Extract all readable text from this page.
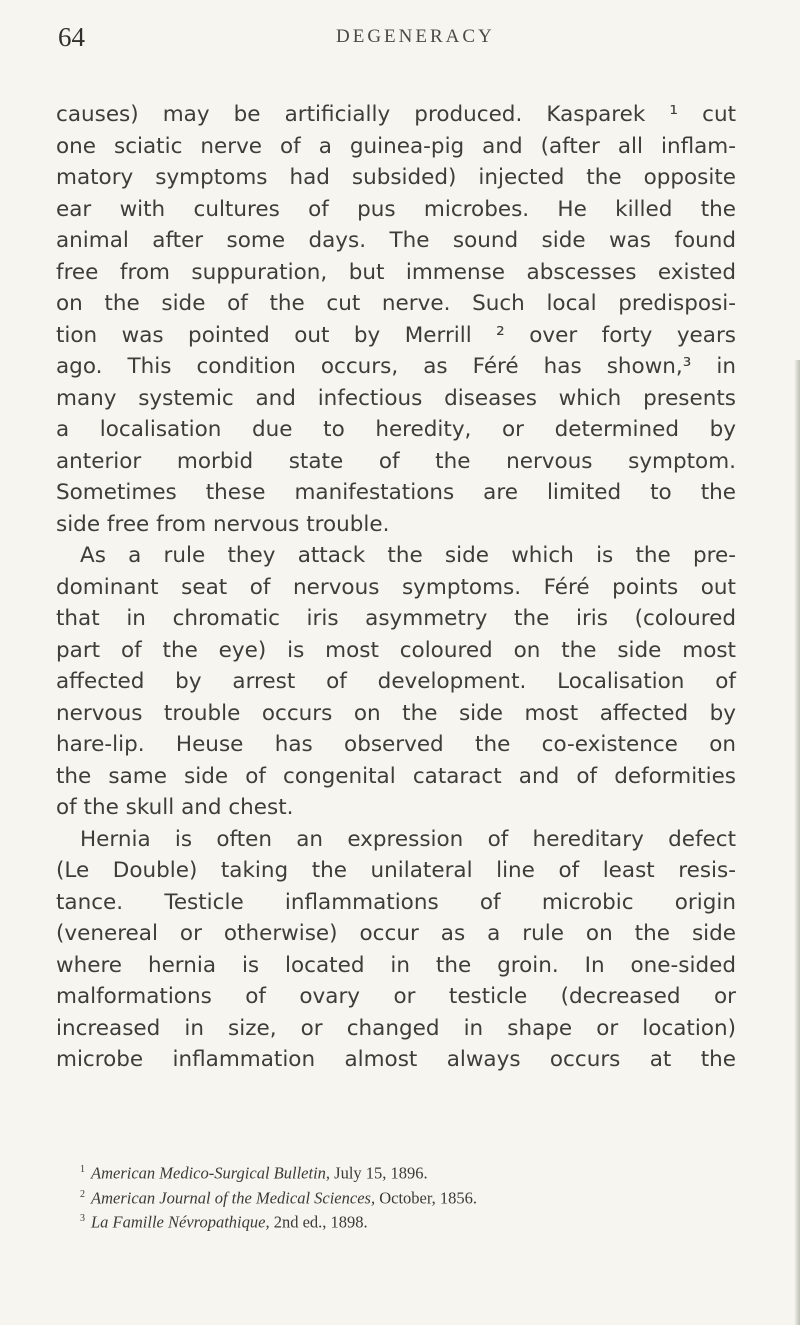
64	DEGENERACY
causes) may be artificially produced. Kasparek ¹ cut
one sciatic nerve of a guinea-pig and (after all inflam-
matory symptoms had subsided) injected the opposite
ear with cultures of pus microbes. He killed the
animal after some days. The sound side was found
free from suppuration, but immense abscesses existed
on the side of the cut nerve. Such local predisposi-
tion was pointed out by Merrill ² over forty years
ago. This condition occurs, as Féré has shown,³ in
many systemic and infectious diseases which presents
a localisation due to heredity, or determined by
anterior morbid state of the nervous symptom.
Sometimes these manifestations are limited to the
side free from nervous trouble.
As a rule they attack the side which is the pre-
dominant seat of nervous symptoms. Féré points out
that in chromatic iris asymmetry the iris (coloured
part of the eye) is most coloured on the side most
affected by arrest of development. Localisation of
nervous trouble occurs on the side most affected by
hare-lip. Heuse has observed the co-existence on
the same side of congenital cataract and of deformities
of the skull and chest.
Hernia is often an expression of hereditary defect
(Le Double) taking the unilateral line of least resis-
tance. Testicle inflammations of microbic origin
(venereal or otherwise) occur as a rule on the side
where hernia is located in the groin. In one-sided
malformations of ovary or testicle (decreased or
increased in size, or changed in shape or location)
microbe inflammation almost always occurs at the
$^1$ American Medico-Surgical Bulletin, July 15, 1896.
$^2$ American Journal of the Medical Sciences, October, 1856.
$^3$ La Famille Névropathique, 2nd ed., 1898.
